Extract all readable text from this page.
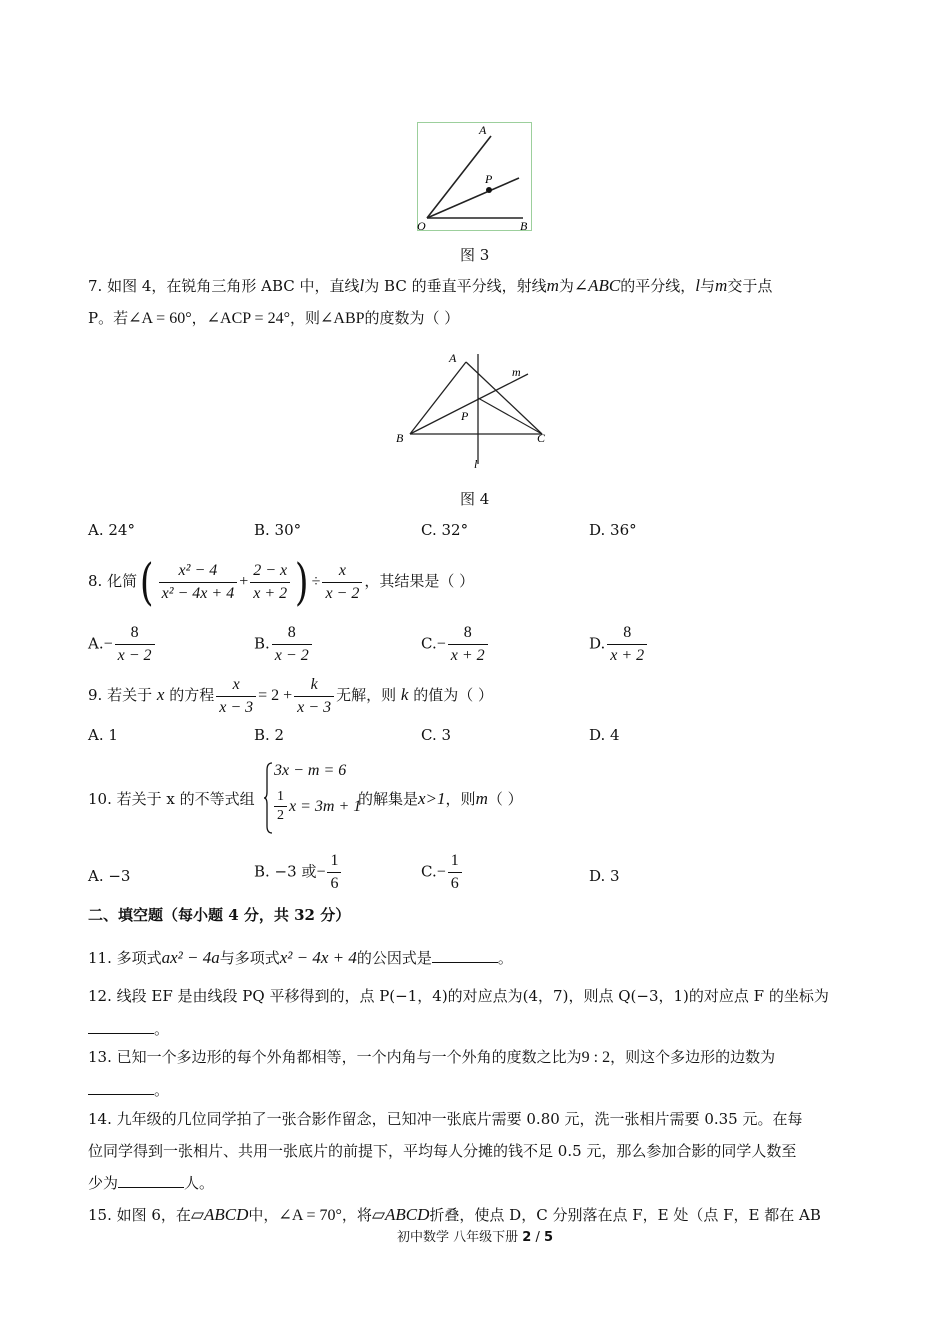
A
P
O	B
图 3
7. 如图 4，在锐角三角形 ABC 中，直线l为 BC 的垂直平分线，射线m为∠ABC的平分线，l与m交于点
P。若∠A = 60°，∠ACP = 24°，则∠ABP的度数为（ ）
A
m
P
B	C
l
图 4
A. 24°	B. 30°	C. 32°	D. 36°
8. 化简( $\frac{\text{x² − 4}}{\text{x² − 4x + 4}} + \frac{2 - x}{x + 2}$ ) ÷ $\frac{x}{x - 2}$ ，其结果是（ ）
$A.- \frac{8}{x - 2}$	B. $\frac{8}{x - 2}$	$C.- \frac{8}{x + 2}$	D. $\frac{8}{x + 2}$
9. 若关于 x 的方程 $\frac{x}{x - 3} = 2 + \frac{k}{x - 3}$ 无解，则 k 的值为（ ）
A. 1	B. 2	C. 3	D. 4
10. 若关于 x 的不等式组
3x − m = 6
$\frac{1}{2}$ x = 3m + 1
的解集是x>1，则m（ ）
A. −3	B. −3 或− $\frac{1}{6}$	$C.- \frac{1}{6}$	D. 3
二、填空题（每小题 4 分，共 32 分）
11. 多项式ax² − 4a与多项式x² − 4x + 4的公因式是	。
12. 线段 EF 是由线段 PQ 平移得到的，点 P(−1，4)的对应点为(4，7)，则点 Q(−3，1)的对应点 F 的坐标为
。
13. 已知一个多边形的每个外角都相等，一个内角与一个外角的度数之比为9 : 2，则这个多边形的边数为
。
14. 九年级的几位同学拍了一张合影作留念，已知冲一张底片需要 0.80 元，洗一张相片需要 0.35 元。在每
位同学得到一张相片、共用一张底片的前提下，平均每人分摊的钱不足 0.5 元，那么参加合影的同学人数至
少为	人。
15. 如图 6，在▱ABCD中，∠A = 70°，将▱ABCD折叠，使点 D，C 分别落在点 F，E 处（点 F，E 都在 AB
初中数学 八年级下册 2 / 5
